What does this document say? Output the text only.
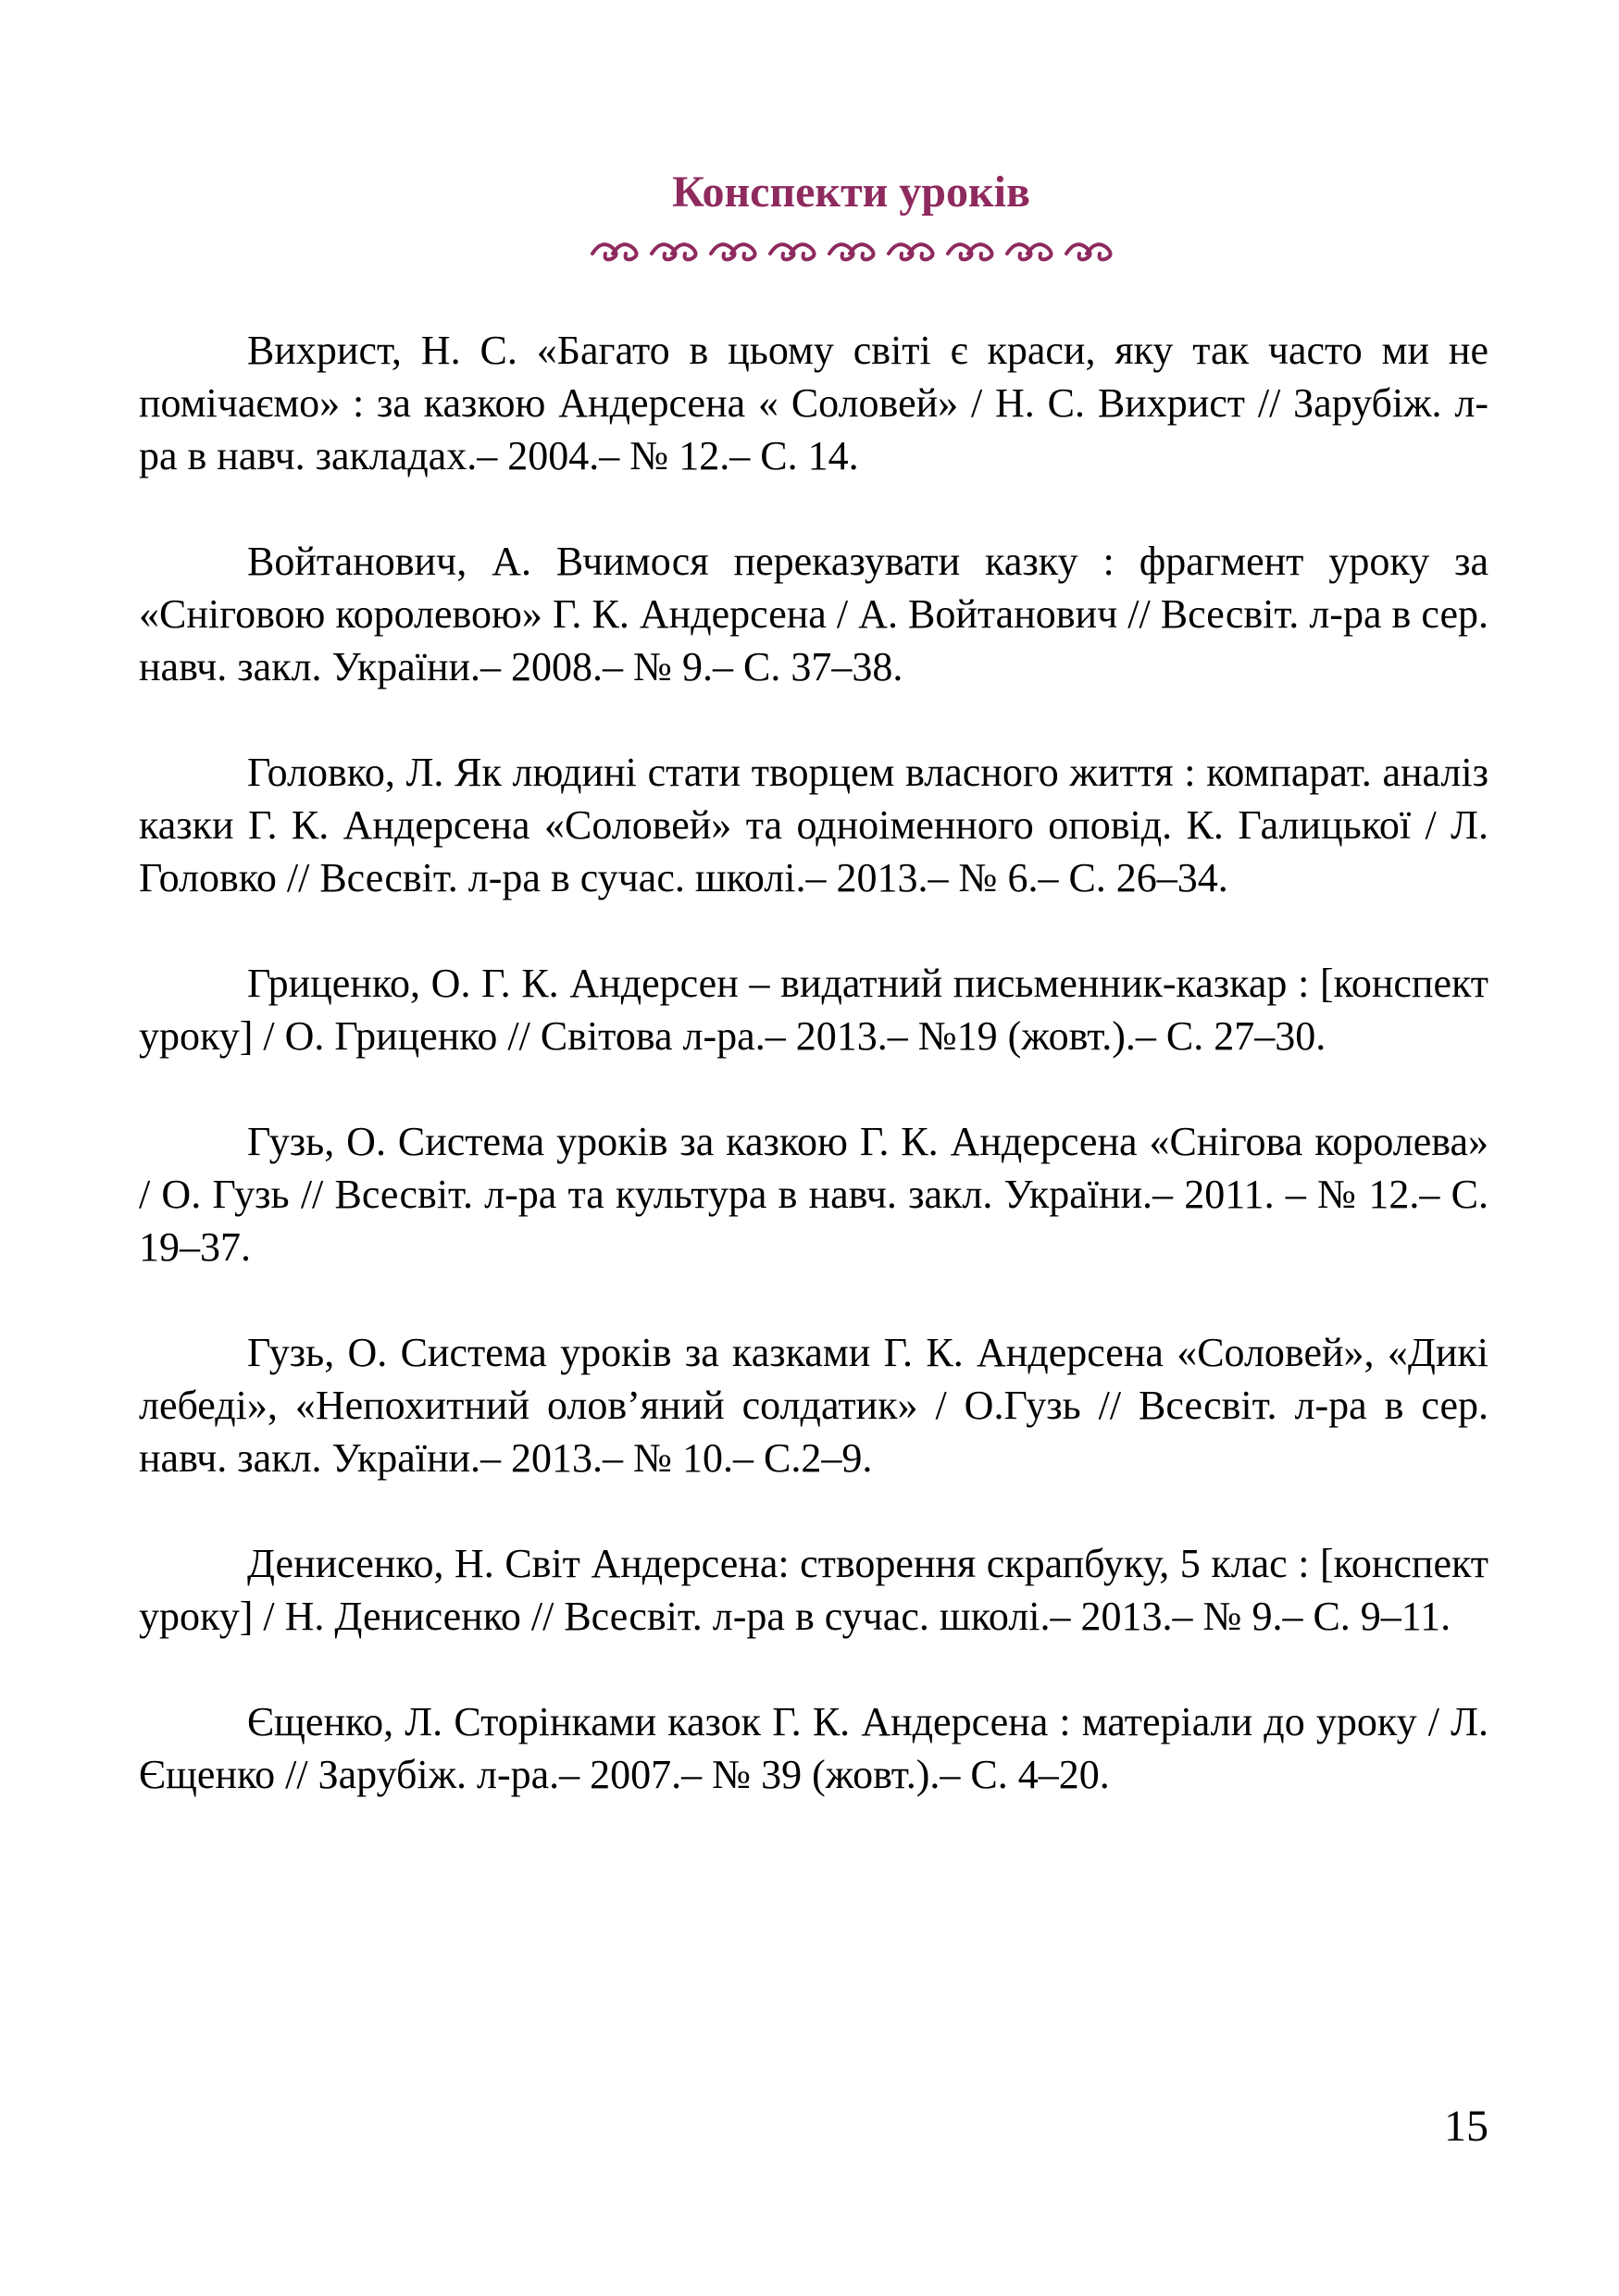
Конспекти уроків

Вихрист, Н. С. «Багато в цьому світі є краси, яку так часто ми не помічаємо» : за казкою Андерсена « Соловей» / Н. С. Вихрист // Зарубіж. л-ра в навч. закладах.– 2004.– № 12.– С. 14.

Войтанович, А. Вчимося переказувати казку : фрагмент уроку за «Сніговою королевою» Г. К. Андерсена / А. Войтанович // Всесвіт. л-ра в сер. навч. закл. України.– 2008.– № 9.– С. 37–38.

Головко, Л. Як людині стати творцем власного життя : компарат. аналіз казки Г. К. Андерсена «Соловей» та одноіменного оповід. К. Галицької / Л. Головко // Всесвіт. л-ра в сучас. школі.– 2013.– № 6.– С. 26–34.

Гриценко, О. Г. К. Андерсен – видатний письменник-казкар : [конспект уроку] / О. Гриценко // Світова л-ра.– 2013.– №19 (жовт.).– С. 27–30.

Гузь, О. Система уроків за казкою Г. К. Андерсена «Снігова королева» / О. Гузь // Всесвіт. л-ра та культура в навч. закл. України.– 2011. – № 12.– С. 19–37.

Гузь, О. Система уроків за казками Г. К. Андерсена «Соловей», «Дикі лебеді», «Непохитний олов’яний солдатик» / О.Гузь // Всесвіт. л-ра в сер. навч. закл. України.– 2013.– № 10.– С.2–9.

Денисенко, Н. Світ Андерсена: створення скрапбуку, 5 клас : [конспект уроку] / Н. Денисенко // Всесвіт. л-ра в сучас. школі.– 2013.– № 9.– С. 9–11.

Єщенко, Л. Сторінками казок Г. К. Андерсена : матеріали до уроку / Л. Єщенко // Зарубіж. л-ра.– 2007.– № 39 (жовт.).– С. 4–20.

15
